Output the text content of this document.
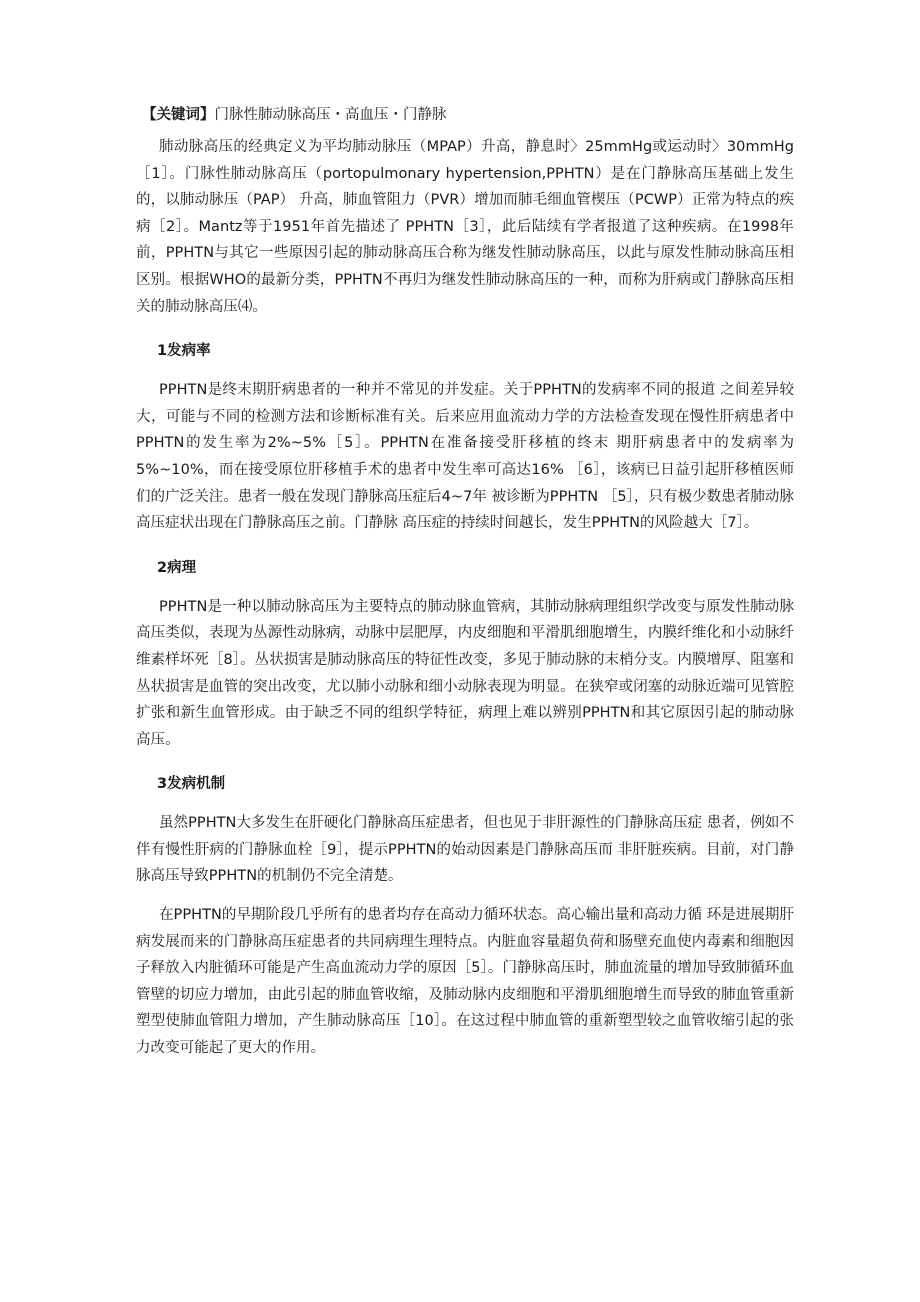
【关键词】门脉性肺动脉高压・高血压・门静脉

肺动脉高压的经典定义为平均肺动脉压（MPAP）升高，静息时〉25mmHg或运动时〉30mmHg［1］。门脉性肺动脉高压（portopulmonary hypertension,PPHTN）是在门静脉高压基础上发生的，以肺动脉压（PAP） 升高，肺血管阻力（PVR）增加而肺毛细血管楔压（PCWP）正常为特点的疾病［2］。Mantz等于1951年首先描述了 PPHTN［3］，此后陆续有学者报道了这种疾病。在1998年前，PPHTN与其它一些原因引起的肺动脉高压合称为继发性肺动脉高压，以此与原发性肺动脉高压相区别。根据WHO的最新分类，PPHTN不再归为继发性肺动脉高压的一种，而称为肝病或门静脉高压相关的肺动脉高压⑷。

1发病率

PPHTN是终末期肝病患者的一种并不常见的并发症。关于PPHTN的发病率不同的报道 之间差异较大，可能与不同的检测方法和诊断标准有关。后来应用血流动力学的方法检查发现在慢性肝病患者中PPHTN的发生率为2%~5%［5］。PPHTN在准备接受肝移植的终末 期肝病患者中的发病率为5%~10%，而在接受原位肝移植手术的患者中发生率可高达16% ［6］，该病已日益引起肝移植医师们的广泛关注。患者一般在发现门静脉高压症后4~7年 被诊断为PPHTN ［5］，只有极少数患者肺动脉高压症状出现在门静脉高压之前。门静脉 高压症的持续时间越长，发生PPHTN的风险越大［7］。

2病理

PPHTN是一种以肺动脉高压为主要特点的肺动脉血管病，其肺动脉病理组织学改变与原发性肺动脉高压类似，表现为丛源性动脉病，动脉中层肥厚，内皮细胞和平滑肌细胞增生，内膜纤维化和小动脉纤维素样坏死［8］。丛状损害是肺动脉高压的特征性改变，多见于肺动脉的末梢分支。内膜增厚、阻塞和丛状损害是血管的突出改变，尤以肺小动脉和细小动脉表现为明显。在狭窄或闭塞的动脉近端可见管腔扩张和新生血管形成。由于缺乏不同的组织学特征，病理上难以辨别PPHTN和其它原因引起的肺动脉高压。

3发病机制

虽然PPHTN大多发生在肝硬化门静脉高压症患者，但也见于非肝源性的门静脉高压症 患者，例如不伴有慢性肝病的门静脉血栓［9］，提示PPHTN的始动因素是门静脉高压而 非肝脏疾病。目前，对门静脉高压导致PPHTN的机制仍不完全清楚。

在PPHTN的早期阶段几乎所有的患者均存在高动力循环状态。高心输出量和高动力循 环是进展期肝病发展而来的门静脉高压症患者的共同病理生理特点。内脏血容量超负荷和肠壁充血使内毒素和细胞因子释放入内脏循环可能是产生高血流动力学的原因［5］。门静脉高压时，肺血流量的增加导致肺循环血管壁的切应力增加，由此引起的肺血管收缩，及肺动脉内皮细胞和平滑肌细胞增生而导致的肺血管重新塑型使肺血管阻力增加，产生肺动脉高压［10］。在这过程中肺血管的重新塑型较之血管收缩引起的张力改变可能起了更大的作用。
